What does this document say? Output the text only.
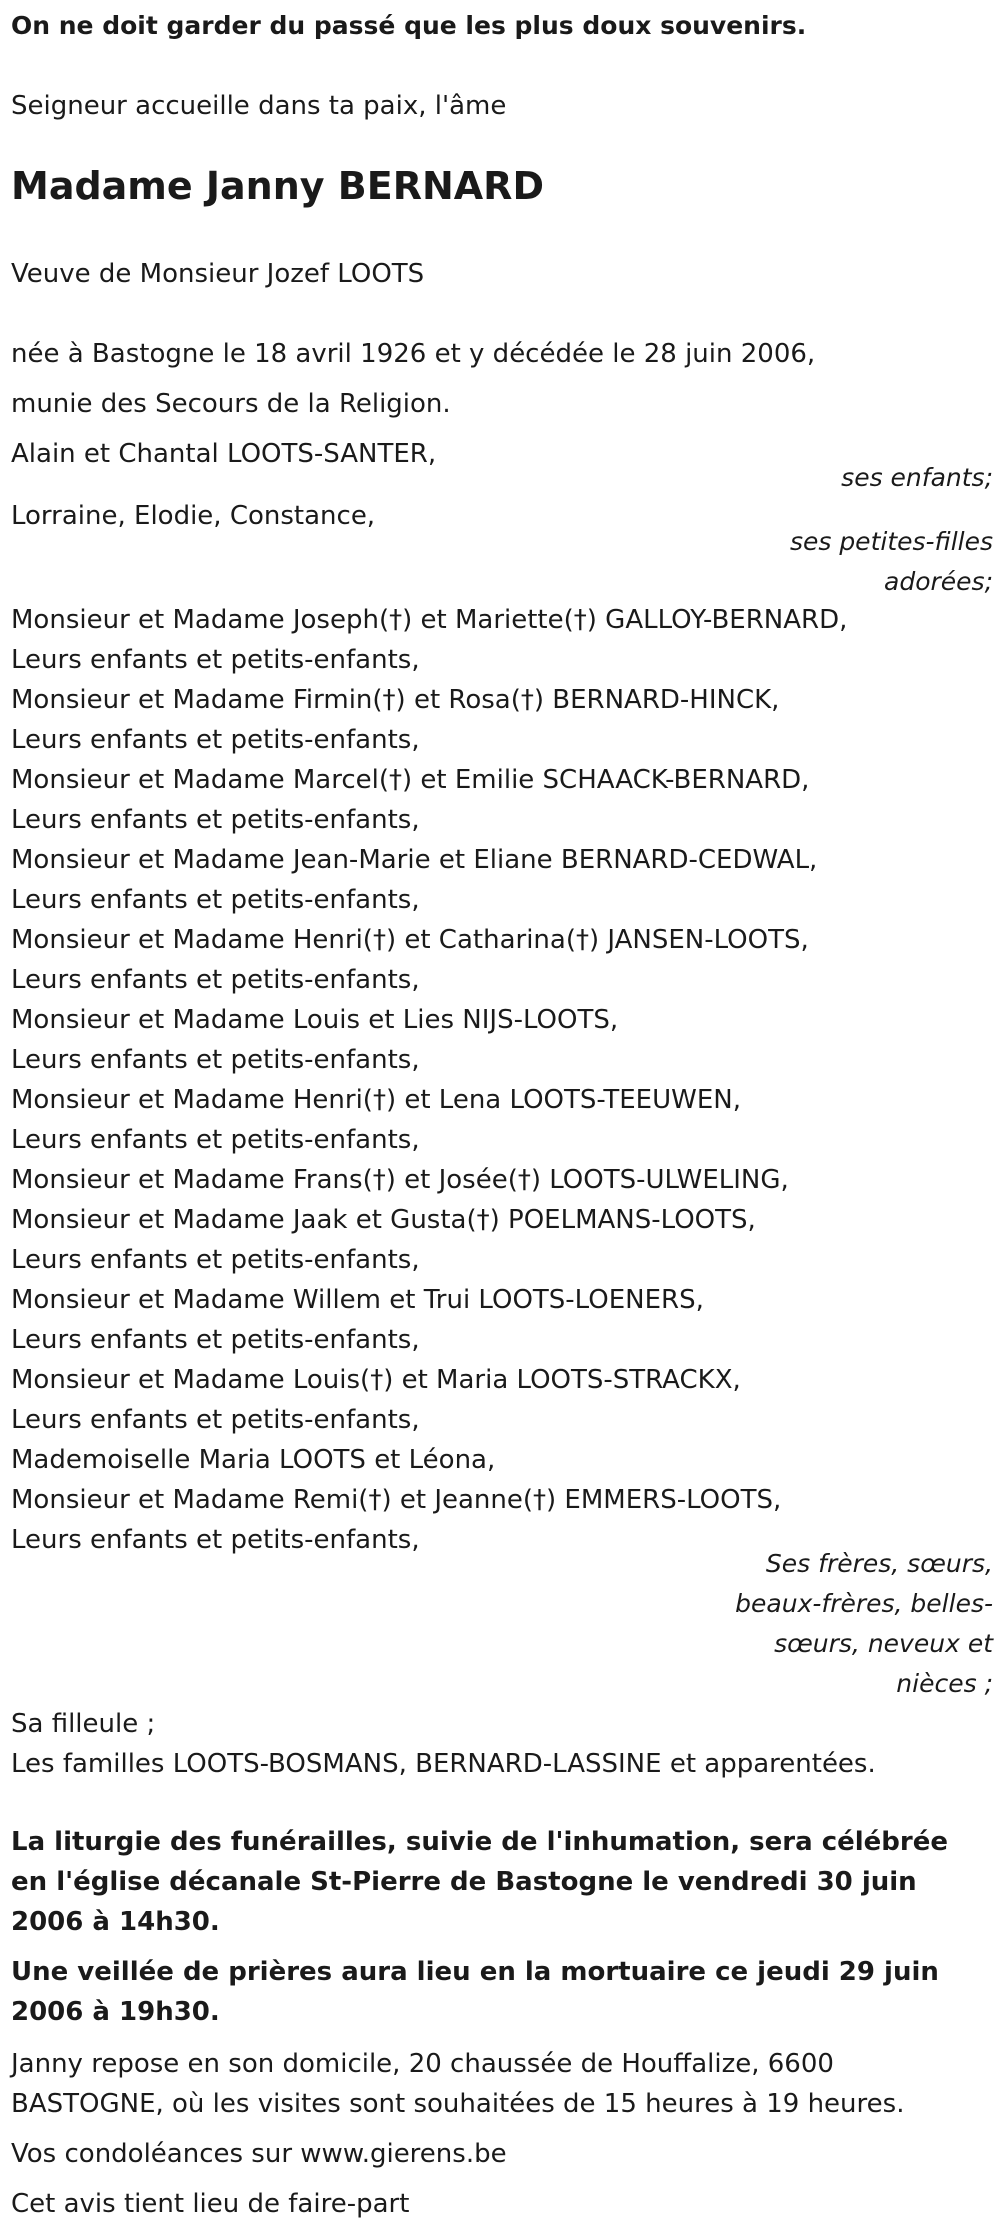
On ne doit garder du passé que les plus doux souvenirs.
Seigneur accueille dans ta paix, l'âme
Madame Janny BERNARD
Veuve de Monsieur Jozef LOOTS
née à Bastogne le 18 avril 1926 et y décédée le 28 juin 2006,
munie des Secours de la Religion.
Alain et Chantal LOOTS-SANTER,
ses enfants;
Lorraine, Elodie, Constance,
ses petites-filles adorées;
Monsieur et Madame Joseph(†) et Mariette(†) GALLOY-BERNARD,
Leurs enfants et petits-enfants,
Monsieur et Madame Firmin(†) et Rosa(†) BERNARD-HINCK,
Leurs enfants et petits-enfants,
Monsieur et Madame Marcel(†) et Emilie SCHAACK-BERNARD,
Leurs enfants et petits-enfants,
Monsieur et Madame Jean-Marie et Eliane BERNARD-CEDWAL,
Leurs enfants et petits-enfants,
Monsieur et Madame Henri(†) et Catharina(†) JANSEN-LOOTS,
Leurs enfants et petits-enfants,
Monsieur et Madame Louis et Lies NIJS-LOOTS,
Leurs enfants et petits-enfants,
Monsieur et Madame Henri(†) et Lena LOOTS-TEEUWEN,
Leurs enfants et petits-enfants,
Monsieur et Madame Frans(†) et Josée(†) LOOTS-ULWELING,
Monsieur et Madame Jaak et Gusta(†) POELMANS-LOOTS,
Leurs enfants et petits-enfants,
Monsieur et Madame Willem et Trui LOOTS-LOENERS,
Leurs enfants et petits-enfants,
Monsieur et Madame Louis(†) et Maria LOOTS-STRACKX,
Leurs enfants et petits-enfants,
Mademoiselle Maria LOOTS et Léona,
Monsieur et Madame Remi(†) et Jeanne(†) EMMERS-LOOTS,
Leurs enfants et petits-enfants,
Ses frères, sœurs, beaux-frères, belles-sœurs, neveux et nièces ;
Sa filleule ;
Les familles LOOTS-BOSMANS, BERNARD-LASSINE et apparentées.
La liturgie des funérailles, suivie de l'inhumation, sera célébrée en l'église décanale St-Pierre de Bastogne le vendredi 30 juin 2006 à 14h30.
Une veillée de prières aura lieu en la mortuaire ce jeudi 29 juin 2006 à 19h30.
Janny repose en son domicile, 20 chaussée de Houffalize, 6600 BASTOGNE, où les visites sont souhaitées de 15 heures à 19 heures.
Vos condoléances sur www.gierens.be
Cet avis tient lieu de faire-part
